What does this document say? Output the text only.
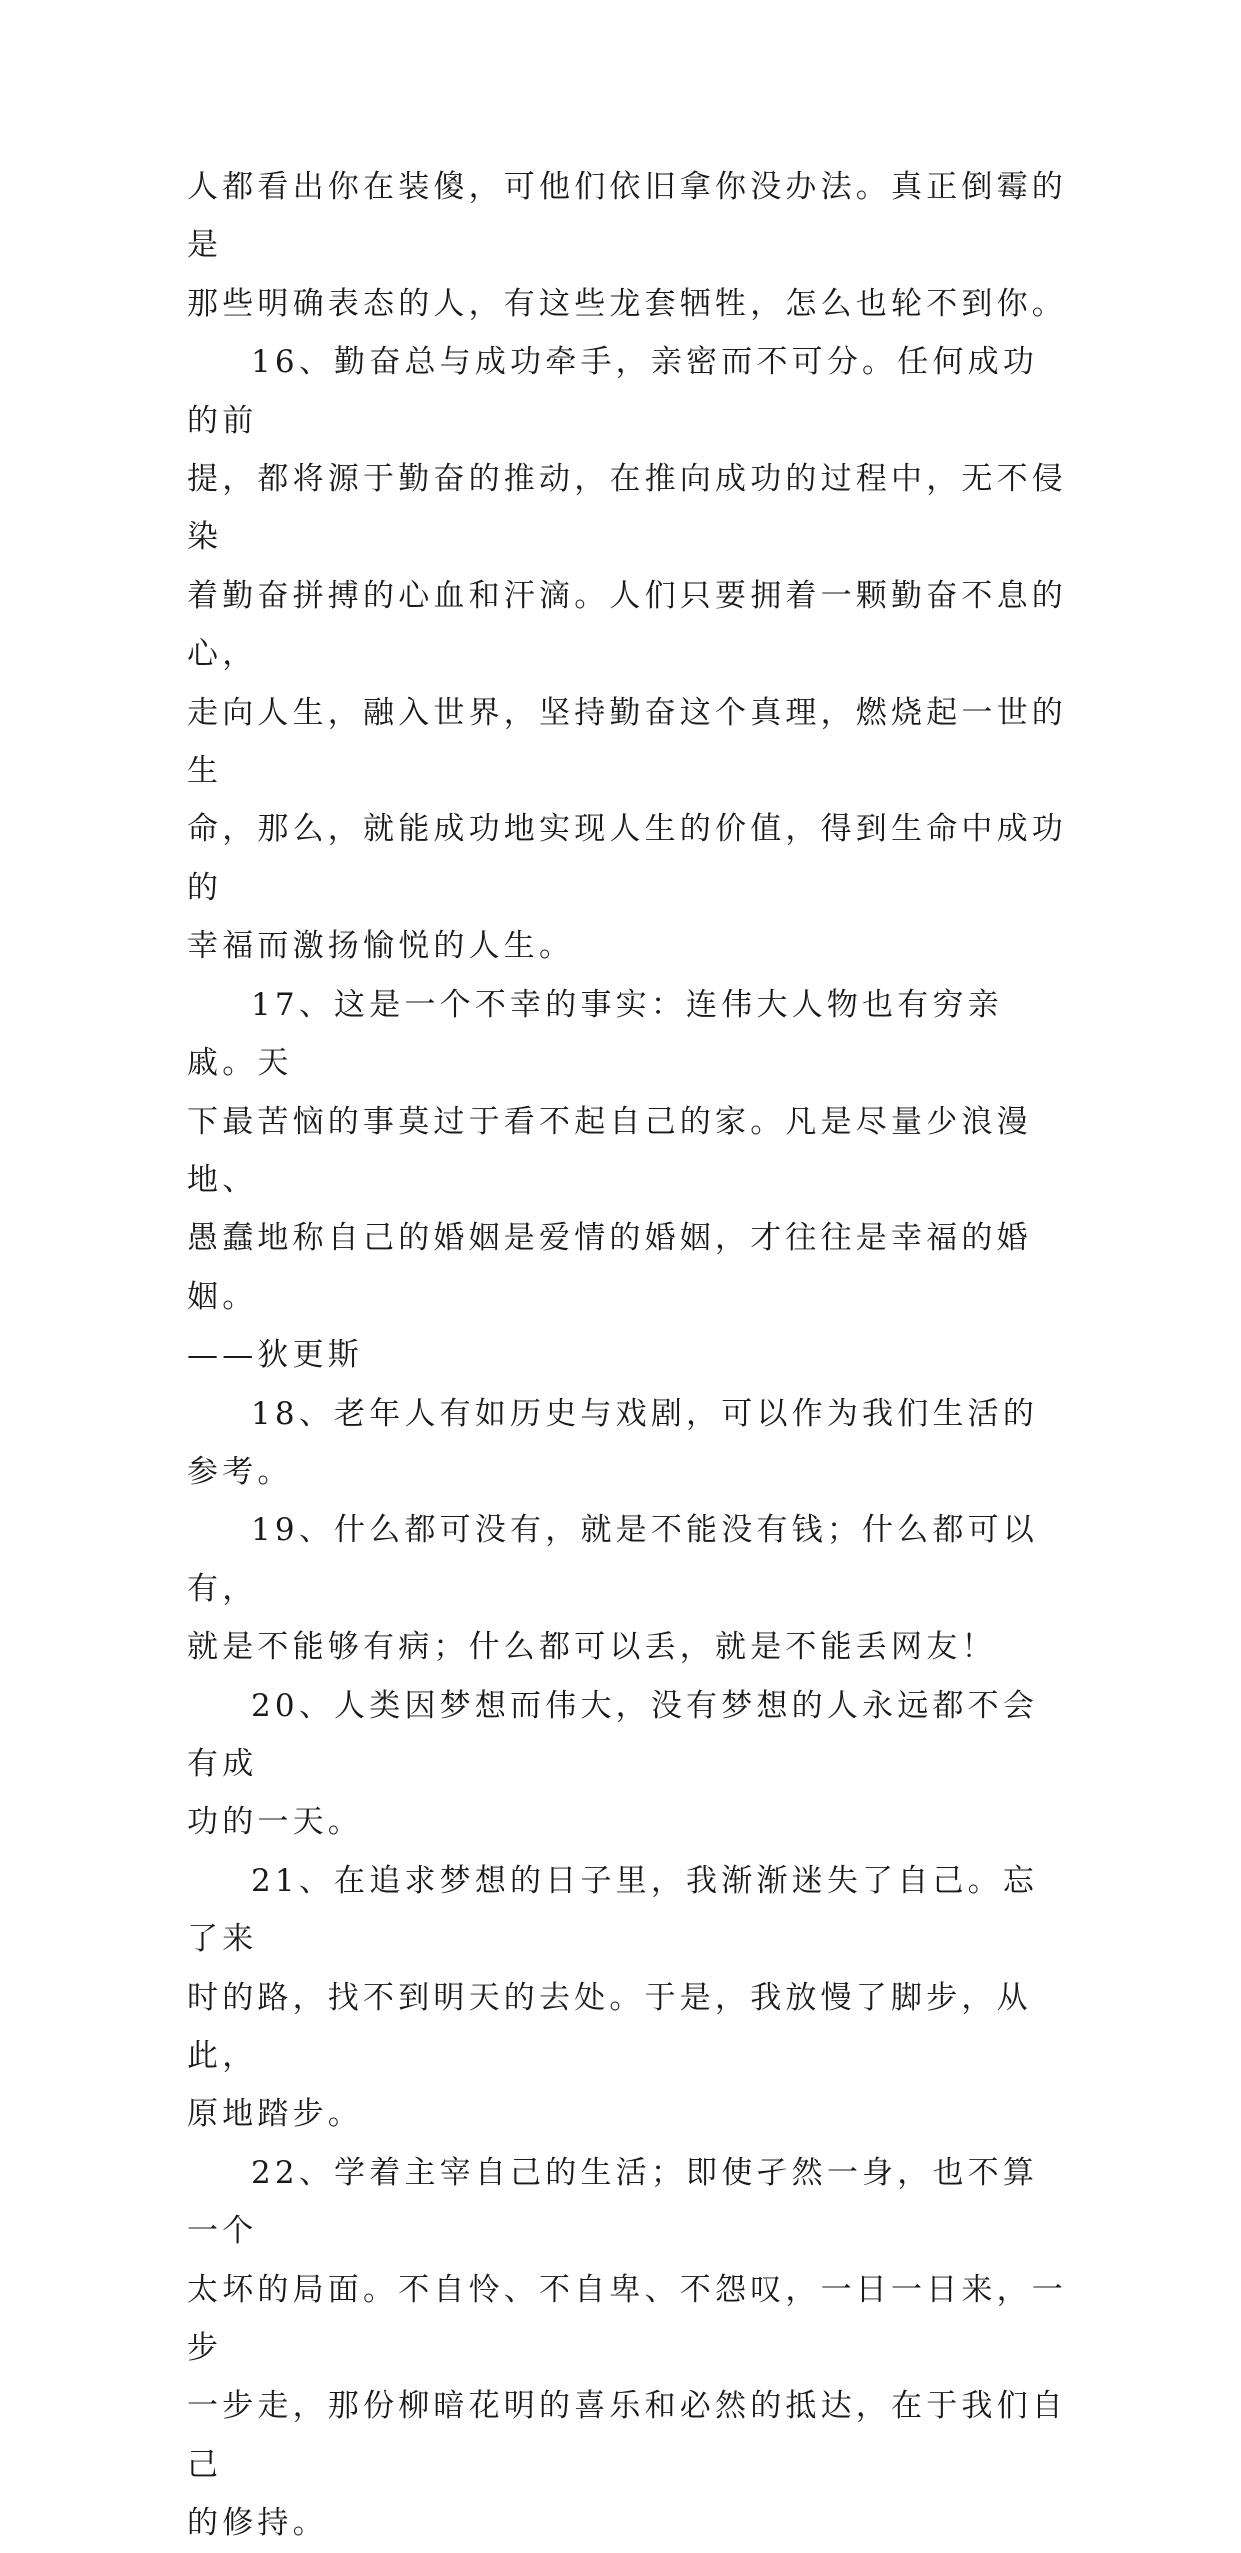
人都看出你在装傻，可他们依旧拿你没办法。真正倒霉的是
那些明确表态的人，有这些龙套牺牲，怎么也轮不到你。

16、勤奋总与成功牵手，亲密而不可分。任何成功的前
提，都将源于勤奋的推动，在推向成功的过程中，无不侵染
着勤奋拼搏的心血和汗滴。人们只要拥着一颗勤奋不息的心，
走向人生，融入世界，坚持勤奋这个真理，燃烧起一世的生
命，那么，就能成功地实现人生的价值，得到生命中成功的
幸福而激扬愉悦的人生。

17、这是一个不幸的事实：连伟大人物也有穷亲戚。天
下最苦恼的事莫过于看不起自己的家。凡是尽量少浪漫地、
愚蠢地称自己的婚姻是爱情的婚姻，才往往是幸福的婚姻。
——狄更斯

18、老年人有如历史与戏剧，可以作为我们生活的参考。

19、什么都可没有，就是不能没有钱；什么都可以有，
就是不能够有病；什么都可以丢，就是不能丢网友！

20、人类因梦想而伟大，没有梦想的人永远都不会有成
功的一天。

21、在追求梦想的日子里，我渐渐迷失了自己。忘了来
时的路，找不到明天的去处。于是，我放慢了脚步，从此，
原地踏步。

22、学着主宰自己的生活；即使孑然一身，也不算一个
太坏的局面。不自怜、不自卑、不怨叹，一日一日来，一步
一步走，那份柳暗花明的喜乐和必然的抵达，在于我们自己
的修持。
